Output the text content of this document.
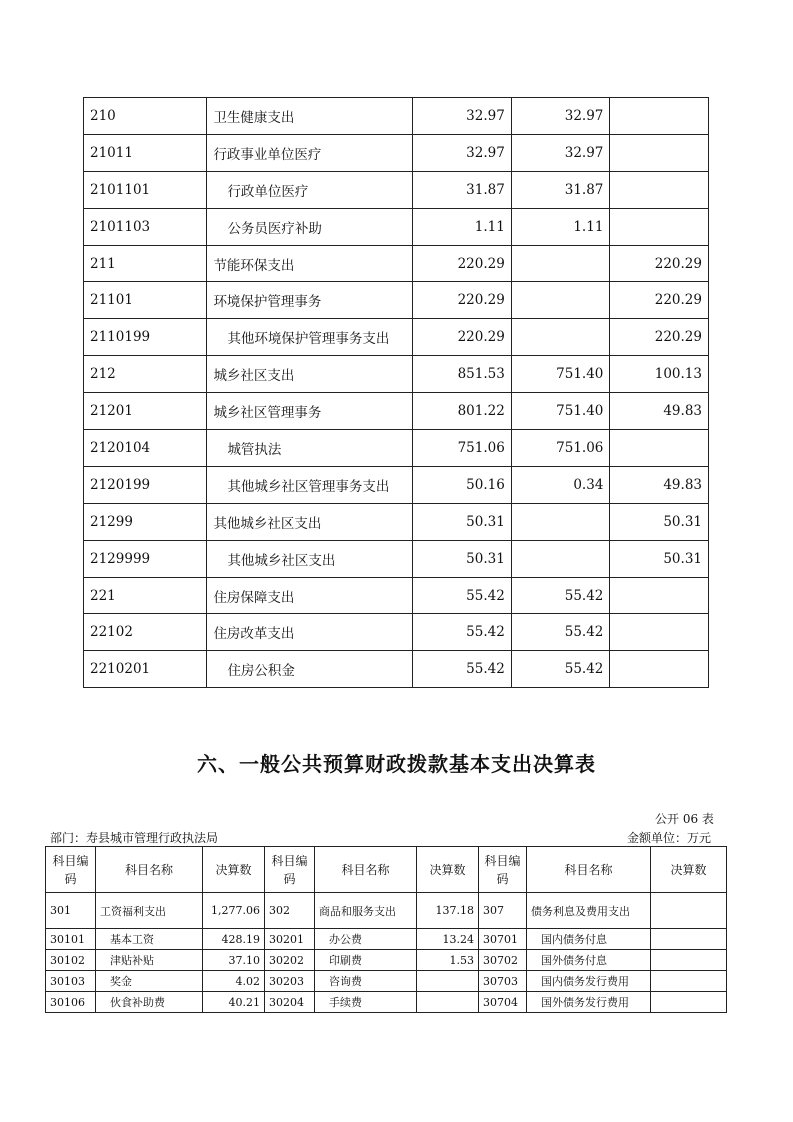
210	卫生健康支出	32.97	32.97	
21011	行政事业单位医疗	32.97	32.97	
2101101	行政单位医疗	31.87	31.87	
2101103	公务员医疗补助	1.11	1.11	
211	节能环保支出	220.29		220.29
21101	环境保护管理事务	220.29		220.29
2110199	其他环境保护管理事务支出	220.29		220.29
212	城乡社区支出	851.53	751.40	100.13
21201	城乡社区管理事务	801.22	751.40	49.83
2120104	城管执法	751.06	751.06	
2120199	其他城乡社区管理事务支出	50.16	0.34	49.83
21299	其他城乡社区支出	50.31		50.31
2129999	其他城乡社区支出	50.31		50.31
221	住房保障支出	55.42	55.42	
22102	住房改革支出	55.42	55.42	
2210201	住房公积金	55.42	55.42	
六、一般公共预算财政拨款基本支出决算表
公开 06 表
部门：寿县城市管理行政执法局	金额单位：万元
科目编码	科目名称	决算数	科目编码	科目名称	决算数	科目编码	科目名称	决算数
301	工资福利支出	1,277.06	302	商品和服务支出	137.18	307	债务利息及费用支出	
30101	基本工资	428.19	30201	办公费	13.24	30701	国内债务付息	
30102	津贴补贴	37.10	30202	印刷费	1.53	30702	国外债务付息	
30103	奖金	4.02	30203	咨询费		30703	国内债务发行费用	
30106	伙食补助费	40.21	30204	手续费		30704	国外债务发行费用	
